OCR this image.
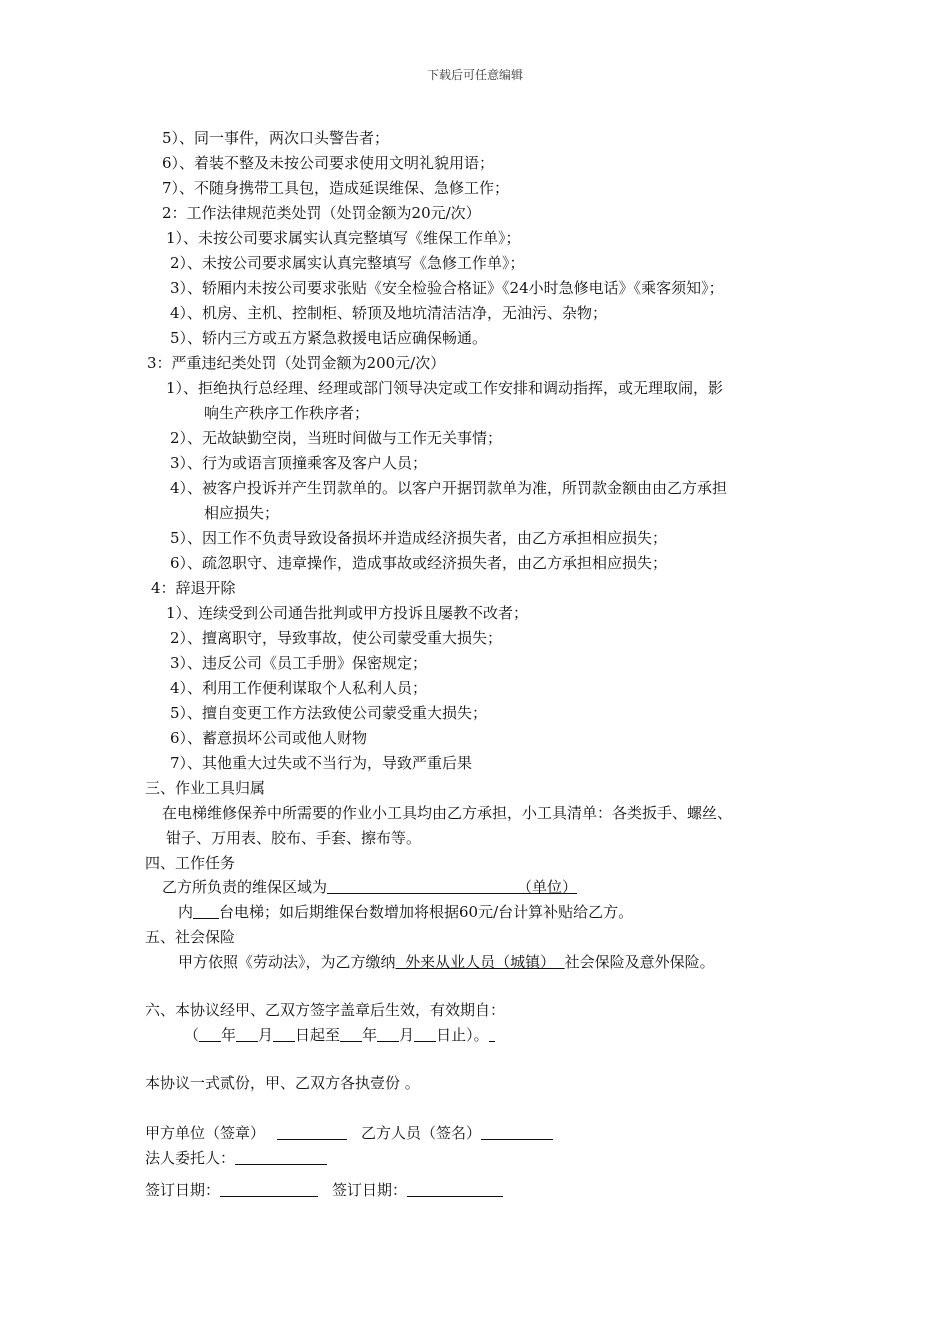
下载后可任意编辑
5）、同一事件，两次口头警告者；
6）、着装不整及未按公司要求使用文明礼貌用语；
7）、不随身携带工具包，造成延误维保、急修工作；
2：工作法律规范类处罚（处罚金额为20元/次）
1）、未按公司要求属实认真完整填写《维保工作单》；
2）、未按公司要求属实认真完整填写《急修工作单》；
3）、轿厢内未按公司要求张贴《安全检验合格证》《24小时急修电话》《乘客须知》；
4）、机房、主机、控制柜、轿顶及地坑清洁洁净，无油污、杂物；
5）、轿内三方或五方紧急救援电话应确保畅通。
3：严重违纪类处罚（处罚金额为200元/次）
1）、拒绝执行总经理、经理或部门领导决定或工作安排和调动指挥，或无理取闹，影
响生产秩序工作秩序者；
2）、无故缺勤空岗，当班时间做与工作无关事情；
3）、行为或语言顶撞乘客及客户人员；
4）、被客户投诉并产生罚款单的。以客户开据罚款单为准，所罚款金额由由乙方承担
相应损失；
5）、因工作不负责导致设备损坏并造成经济损失者，由乙方承担相应损失；
6）、疏忽职守、违章操作，造成事故或经济损失者，由乙方承担相应损失；
4：辞退开除
1）、连续受到公司通告批判或甲方投诉且屡教不改者；
2）、擅离职守，导致事故，使公司蒙受重大损失；
3）、违反公司《员工手册》保密规定；
4）、利用工作便利谋取个人私利人员；
5）、擅自变更工作方法致使公司蒙受重大损失；
6）、蓄意损坏公司或他人财物
7）、其他重大过失或不当行为，导致严重后果
三、作业工具归属
在电梯维修保养中所需要的作业小工具均由乙方承担，小工具清单：各类扳手、螺丝、
钳子、万用表、胶布、手套、擦布等。
四、工作任务
乙方所负责的维保区域为	（单位）
内 台电梯；如后期维保台数增加将根据60元/台计算补贴给乙方。
五、社会保险
甲方依照《劳动法》，为乙方缴纳 外来从业人员（城镇） 社会保险及意外保险。
六、本协议经甲、乙双方签字盖章后生效，有效期自：
（ 年 月 日起至 年 月 日止）。
本协议一式贰份，甲、乙双方各执壹份 。
甲方单位（签章）	乙方人员（签名）
法人委托人：
签订日期：	签订日期：
